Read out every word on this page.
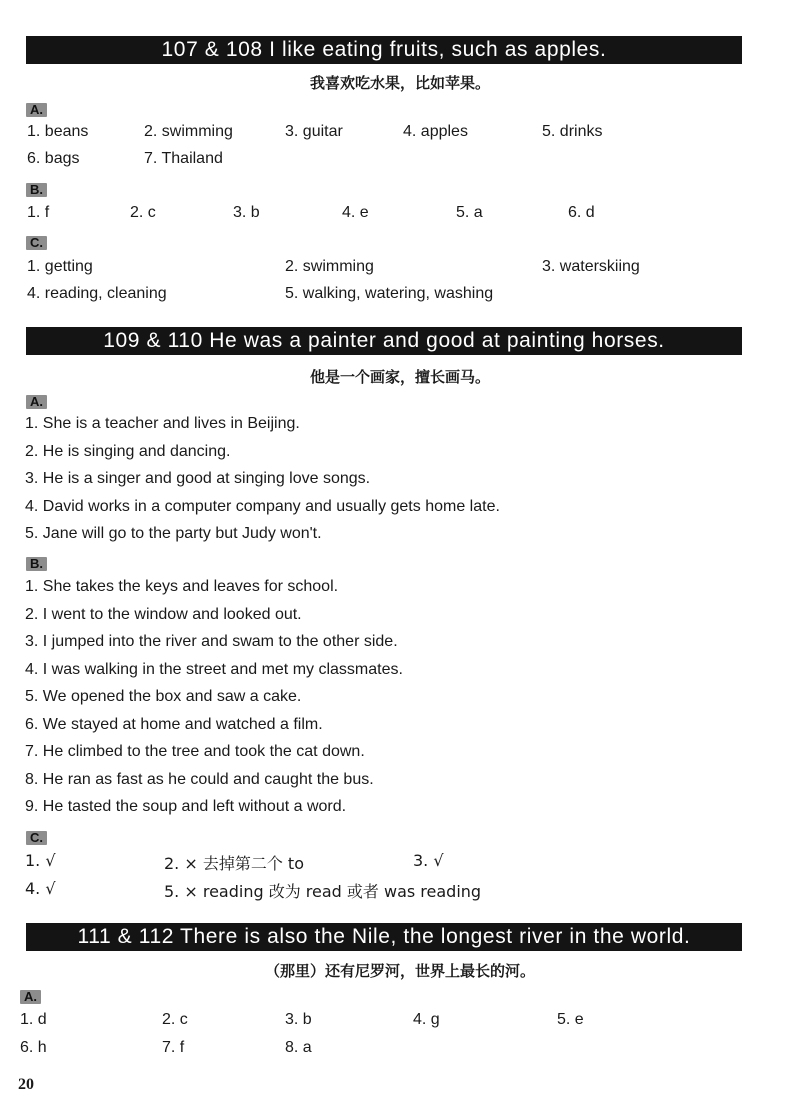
107 & 108 I like eating fruits, such as apples.
我喜欢吃水果，比如苹果。
A.
1. beans	2. swimming	3. guitar	4. apples	5. drinks
6. bags	7. Thailand
B.
1. f	2. c	3. b	4. e	5. a	6. d
C.
1. getting	2. swimming	3. waterskiing
4. reading, cleaning	5. walking, watering, washing
109 & 110 He was a painter and good at painting horses.
他是一个画家，擅长画马。
A.
1. She is a teacher and lives in Beijing.
2. He is singing and dancing.
3. He is a singer and good at singing love songs.
4. David works in a computer company and usually gets home late.
5. Jane will go to the party but Judy won't.
B.
1. She takes the keys and leaves for school.
2. I went to the window and looked out.
3. I jumped into the river and swam to the other side.
4. I was walking in the street and met my classmates.
5. We opened the box and saw a cake.
6. We stayed at home and watched a film.
7. He climbed to the tree and took the cat down.
8. He ran as fast as he could and caught the bus.
9. He tasted the soup and left without a word.
C.
1. √	2. × 去掉第二个 to	3. √
4. √	5. × reading 改为 read 或者 was reading
111 & 112 There is also the Nile, the longest river in the world.
（那里）还有尼罗河，世界上最长的河。
A.
1. d	2. c	3. b	4. g	5. e
6. h	7. f	8. a
20
